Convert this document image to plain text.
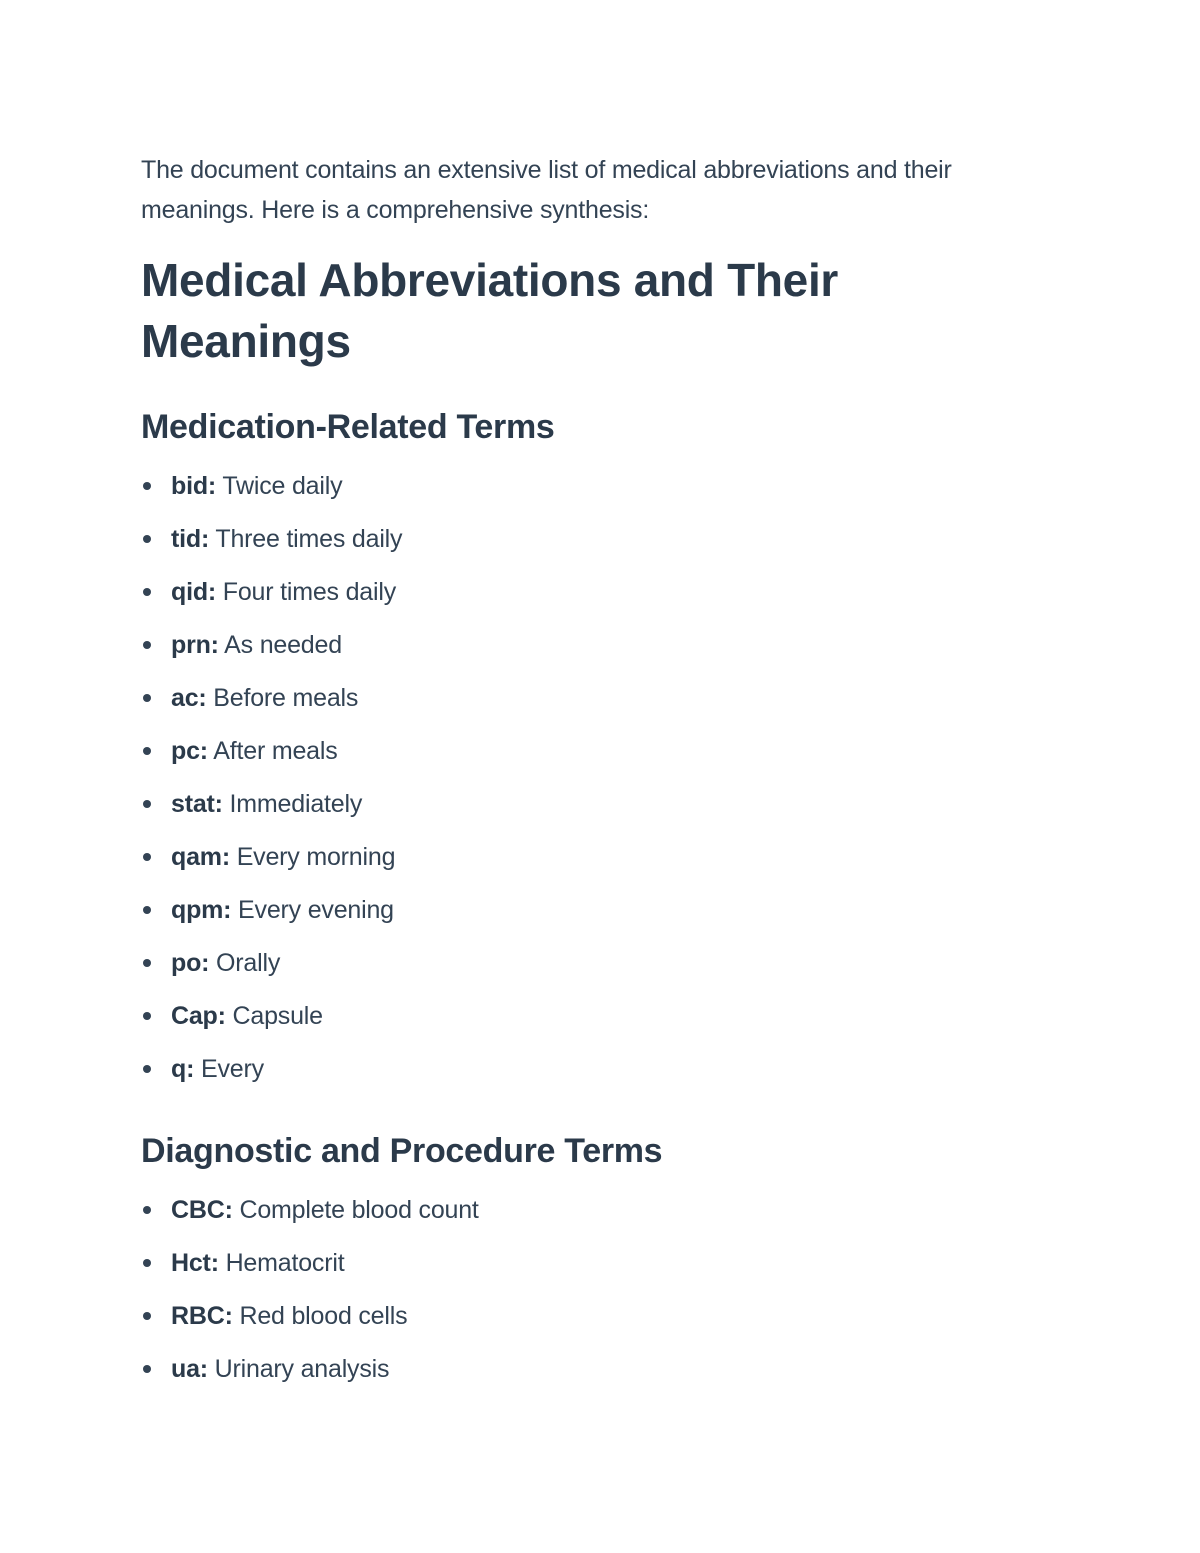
The document contains an extensive list of medical abbreviations and their meanings. Here is a comprehensive synthesis:

Medical Abbreviations and Their Meanings
Medication-Related Terms
bid: Twice daily
tid: Three times daily
qid: Four times daily
prn: As needed
ac: Before meals
pc: After meals
stat: Immediately
qam: Every morning
qpm: Every evening
po: Orally
Cap: Capsule
q: Every
Diagnostic and Procedure Terms
CBC: Complete blood count
Hct: Hematocrit
RBC: Red blood cells
ua: Urinary analysis
